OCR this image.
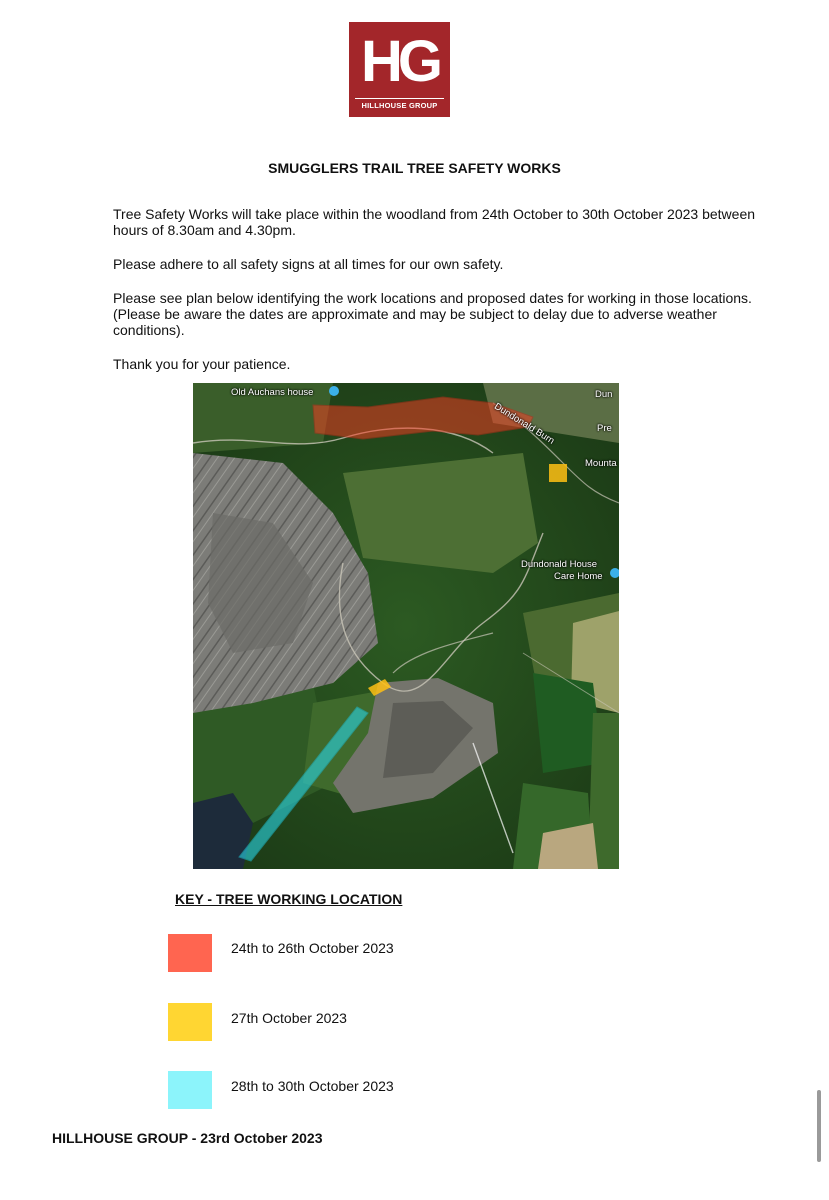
HG
HILLHOUSE GROUP
SMUGGLERS TRAIL TREE SAFETY WORKS
Tree Safety Works will take place within the woodland from 24th October to 30th October 2023 between hours of 8.30am and 4.30pm.
Please adhere to all safety signs at all times for our own safety.
Please see plan below identifying the work locations and proposed dates for working in those locations. (Please be aware the dates are approximate and may be subject to delay due to adverse weather conditions).
Thank you for your patience.
Old Auchans house
Dundonald Burn
Dun
Pre
Mounta
Dundonald House
Care Home
KEY - TREE WORKING LOCATION
24th to 26th October 2023
27th October 2023
28th to 30th October 2023
HILLHOUSE GROUP - 23rd October 2023
